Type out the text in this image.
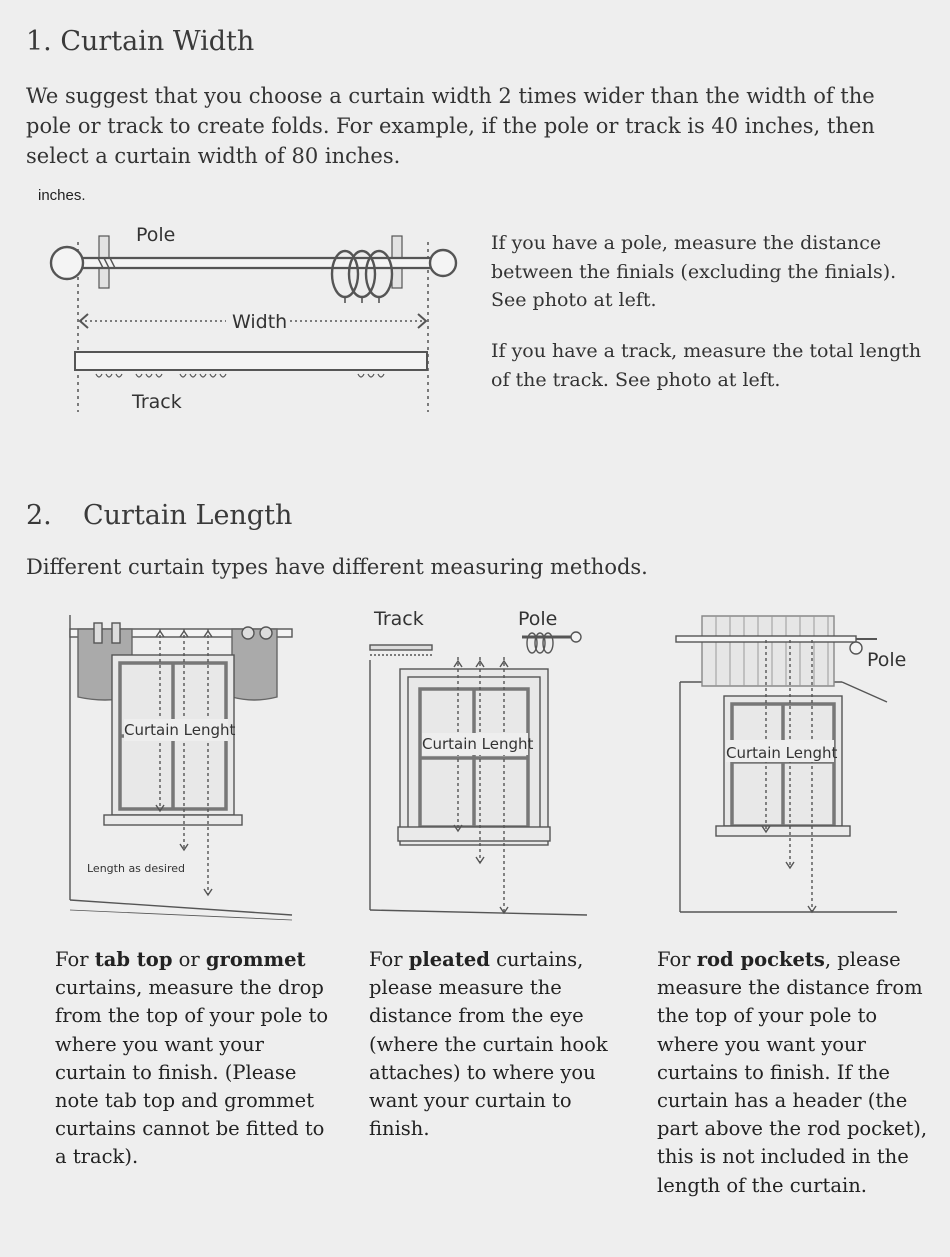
1. Curtain Width
We suggest that you choose a curtain width 2 times wider than the width of the pole or track to create folds. For example, if the pole or track is 40 inches, then select a curtain width of 80 inches.
inches.
Pole
Width
Track
If you have a pole, measure the distance between the finials (excluding the finials). See photo at left.
If you have a track, measure the total length of the track. See photo at left.
2. Curtain Length
Different curtain types have different measuring methods.
Curtain Lenght
Length as desired
Curtain Lenght
Track	Pole
Curtain Lenght
Pole
For tab top or grommet curtains, measure the drop from the top of your pole to where you want your curtain to finish. (Please note tab top and grommet curtains cannot be fitted to a track).
For pleated curtains, please measure the distance from the eye (where the curtain hook attaches) to where you want your curtain to finish.
For rod pockets, please measure the distance from the top of your pole to where you want your curtains to finish. If the curtain has a header (the part above the rod pocket), this is not included in the length of the curtain.
